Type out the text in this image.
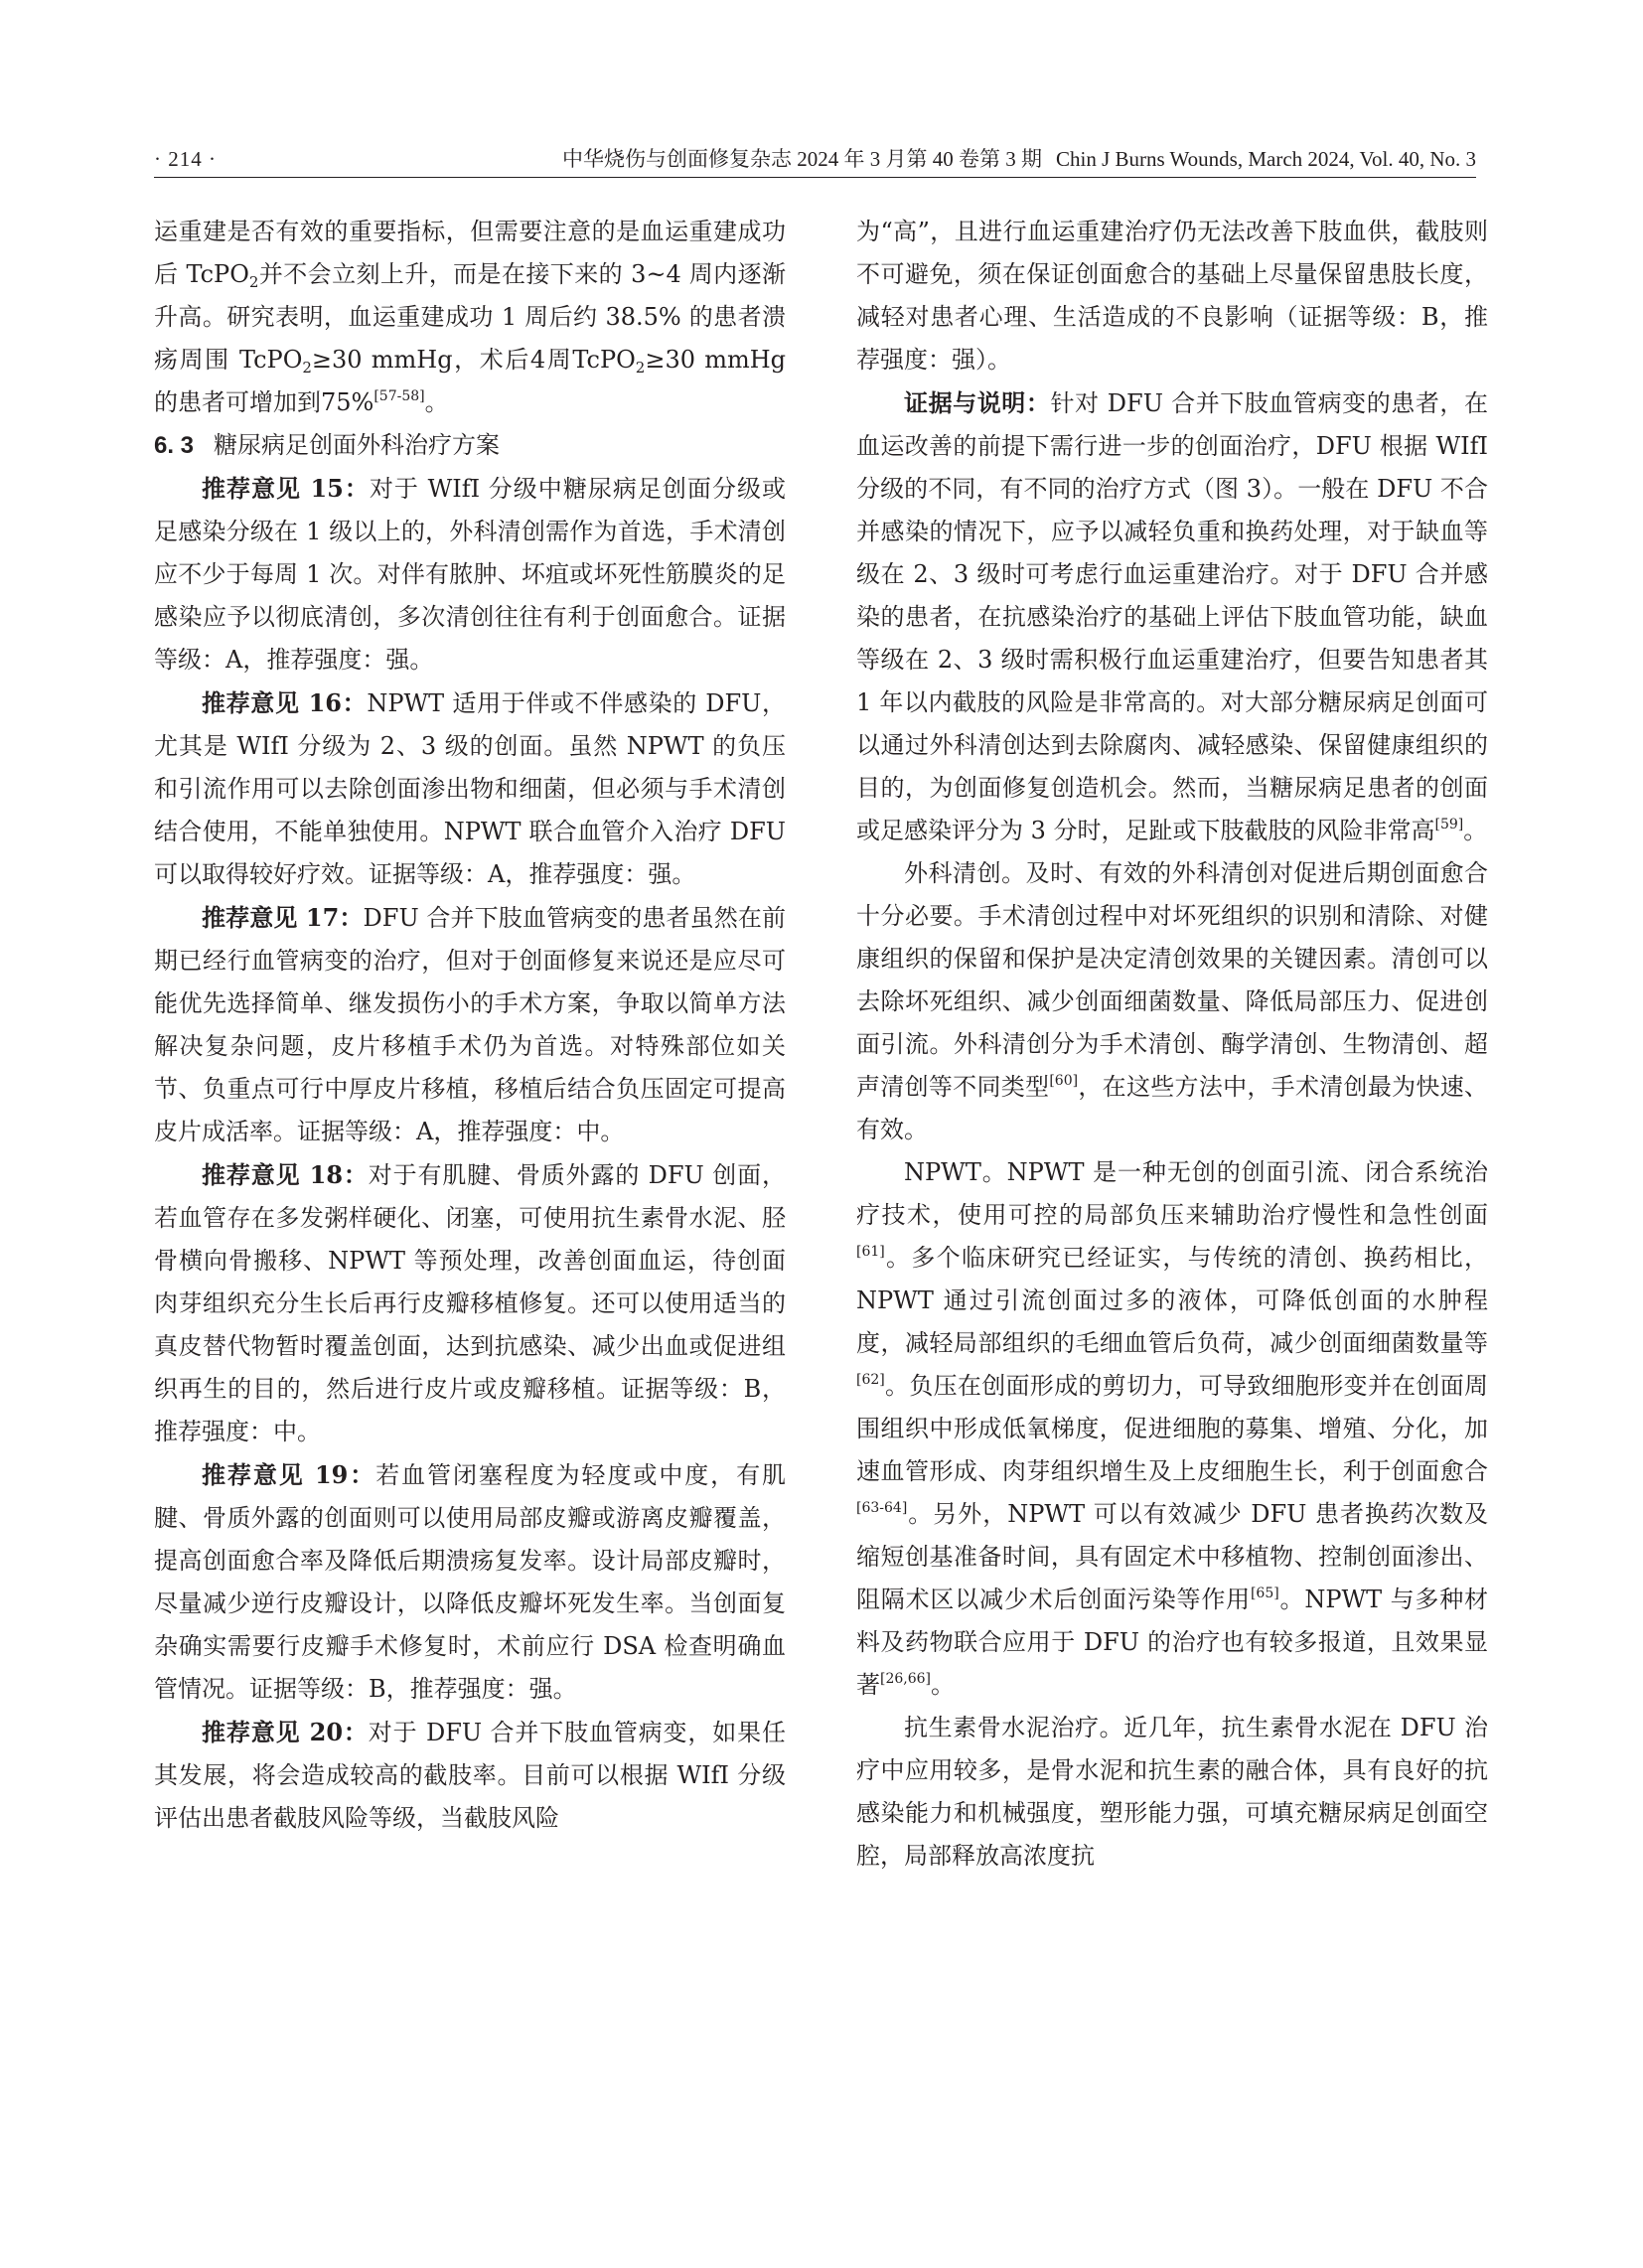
· 214 ·	中华烧伤与创面修复杂志 2024 年 3 月第 40 卷第 3 期 Chin J Burns Wounds, March 2024, Vol. 40, No. 3

运重建是否有效的重要指标，但需要注意的是血运重建成功后 TcPO$_2$并不会立刻上升，而是在接下来的 3~4 周内逐渐升高。研究表明，血运重建成功 1 周后约 38.5% 的患者溃疡周围 TcPO$_2$≥30 mmHg，术后4周TcPO$_2$≥30 mmHg的患者可增加到75%[57-58]。

6. 3 糖尿病足创面外科治疗方案

推荐意见 15：对于 WIfI 分级中糖尿病足创面分级或足感染分级在 1 级以上的，外科清创需作为首选，手术清创应不少于每周 1 次。对伴有脓肿、坏疽或坏死性筋膜炎的足感染应予以彻底清创，多次清创往往有利于创面愈合。证据等级：A，推荐强度：强。

推荐意见 16：NPWT 适用于伴或不伴感染的 DFU，尤其是 WIfI 分级为 2、3 级的创面。虽然 NPWT 的负压和引流作用可以去除创面渗出物和细菌，但必须与手术清创结合使用，不能单独使用。NPWT 联合血管介入治疗 DFU 可以取得较好疗效。证据等级：A，推荐强度：强。

推荐意见 17：DFU 合并下肢血管病变的患者虽然在前期已经行血管病变的治疗，但对于创面修复来说还是应尽可能优先选择简单、继发损伤小的手术方案，争取以简单方法解决复杂问题，皮片移植手术仍为首选。对特殊部位如关节、负重点可行中厚皮片移植，移植后结合负压固定可提高皮片成活率。证据等级：A，推荐强度：中。

推荐意见 18：对于有肌腱、骨质外露的 DFU 创面，若血管存在多发粥样硬化、闭塞，可使用抗生素骨水泥、胫骨横向骨搬移、NPWT 等预处理，改善创面血运，待创面肉芽组织充分生长后再行皮瓣移植修复。还可以使用适当的真皮替代物暂时覆盖创面，达到抗感染、减少出血或促进组织再生的目的，然后进行皮片或皮瓣移植。证据等级：B，推荐强度：中。

推荐意见 19：若血管闭塞程度为轻度或中度，有肌腱、骨质外露的创面则可以使用局部皮瓣或游离皮瓣覆盖，提高创面愈合率及降低后期溃疡复发率。设计局部皮瓣时，尽量减少逆行皮瓣设计，以降低皮瓣坏死发生率。当创面复杂确实需要行皮瓣手术修复时，术前应行 DSA 检查明确血管情况。证据等级：B，推荐强度：强。

推荐意见 20：对于 DFU 合并下肢血管病变，如果任其发展，将会造成较高的截肢率。目前可以根据 WIfI 分级评估出患者截肢风险等级，当截肢风险

为“高”，且进行血运重建治疗仍无法改善下肢血供，截肢则不可避免，须在保证创面愈合的基础上尽量保留患肢长度，减轻对患者心理、生活造成的不良影响（证据等级：B，推荐强度：强）。

证据与说明：针对 DFU 合并下肢血管病变的患者，在血运改善的前提下需行进一步的创面治疗，DFU 根据 WIfI 分级的不同，有不同的治疗方式（图 3）。一般在 DFU 不合并感染的情况下，应予以减轻负重和换药处理，对于缺血等级在 2、3 级时可考虑行血运重建治疗。对于 DFU 合并感染的患者，在抗感染治疗的基础上评估下肢血管功能，缺血等级在 2、3 级时需积极行血运重建治疗，但要告知患者其 1 年以内截肢的风险是非常高的。对大部分糖尿病足创面可以通过外科清创达到去除腐肉、减轻感染、保留健康组织的目的，为创面修复创造机会。然而，当糖尿病足患者的创面或足感染评分为 3 分时，足趾或下肢截肢的风险非常高[59]。

外科清创。及时、有效的外科清创对促进后期创面愈合十分必要。手术清创过程中对坏死组织的识别和清除、对健康组织的保留和保护是决定清创效果的关键因素。清创可以去除坏死组织、减少创面细菌数量、降低局部压力、促进创面引流。外科清创分为手术清创、酶学清创、生物清创、超声清创等不同类型[60]，在这些方法中，手术清创最为快速、有效。

NPWT。NPWT 是一种无创的创面引流、闭合系统治疗技术，使用可控的局部负压来辅助治疗慢性和急性创面[61]。多个临床研究已经证实，与传统的清创、换药相比，NPWT 通过引流创面过多的液体，可降低创面的水肿程度，减轻局部组织的毛细血管后负荷，减少创面细菌数量等[62]。负压在创面形成的剪切力，可导致细胞形变并在创面周围组织中形成低氧梯度，促进细胞的募集、增殖、分化，加速血管形成、肉芽组织增生及上皮细胞生长，利于创面愈合[63-64]。另外，NPWT 可以有效减少 DFU 患者换药次数及缩短创基准备时间，具有固定术中移植物、控制创面渗出、阻隔术区以减少术后创面污染等作用[65]。NPWT 与多种材料及药物联合应用于 DFU 的治疗也有较多报道，且效果显著[26,66]。

抗生素骨水泥治疗。近几年，抗生素骨水泥在 DFU 治疗中应用较多，是骨水泥和抗生素的融合体，具有良好的抗感染能力和机械强度，塑形能力强，可填充糖尿病足创面空腔，局部释放高浓度抗
